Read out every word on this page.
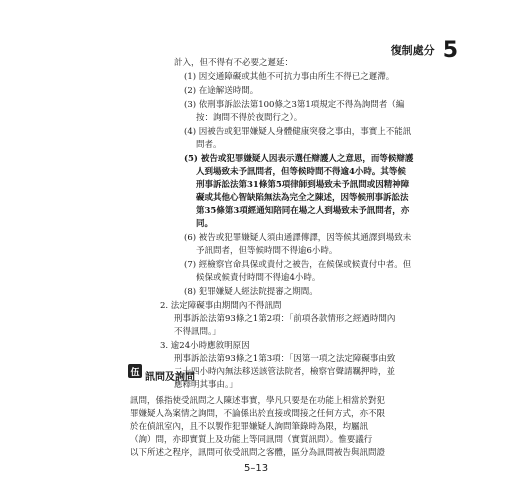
復制處分 5
計入，但不得有不必要之遲延：
(1) 因交通障礙或其他不可抗力事由所生不得已之遲滯。
(2) 在途解送時間。
(3) 依刑事訴訟法第100條之3第1項規定不得為詢問者（編
按：詢問不得於夜間行之）。
(4) 因被告或犯罪嫌疑人身體健康突發之事由，事實上不能訊
問者。
(5) 被告或犯罪嫌疑人因表示選任辯護人之意思，而等候辯護
人到場致未予訊問者，但等候時間不得逾4小時。其等候
刑事訴訟法第31條第5項律師到場致未予訊問或因精神障
礙或其他心智缺陷無法為完全之陳述，因等候刑事訴訟法
第35條第3項經通知陪同在場之人到場致未予訊問者，亦
同。
(6) 被告或犯罪嫌疑人須由通譯傳譯，因等候其通譯到場致未
予訊問者，但等候時間不得逾6小時。
(7) 經檢察官命具保或責付之被告，在候保或候責付中者。但
候保或候責付時間不得逾4小時。
(8) 犯罪嫌疑人經法院提審之期間。
2. 法定障礙事由期間內不得訊問
刑事訴訟法第93條之1第2項：「前項各款情形之經過時間內
不得訊問。」
3. 逾24小時應敘明原因
刑事訴訟法第93條之1第3項：「因第一項之法定障礙事由致
二十四小時內無法移送該管法院者，檢察官聲請羈押時，並
應釋明其事由。」
伍 訊問及詢問
訊問，係指使受訊問之人陳述事實，學凡只要是在功能上相當於對犯
罪嫌疑人為案情之詢問，不論係出於直接或間接之任何方式，亦不限
於在偵訊室內，且不以製作犯罪嫌疑人詢問筆錄時為限，均屬訊
（詢）問，亦即實質上及功能上等同訊問（實質訊問）。惟要議行
以下所述之程序，訊問可依受訊問之客體，區分為訊問被告與訊問證
5–13
